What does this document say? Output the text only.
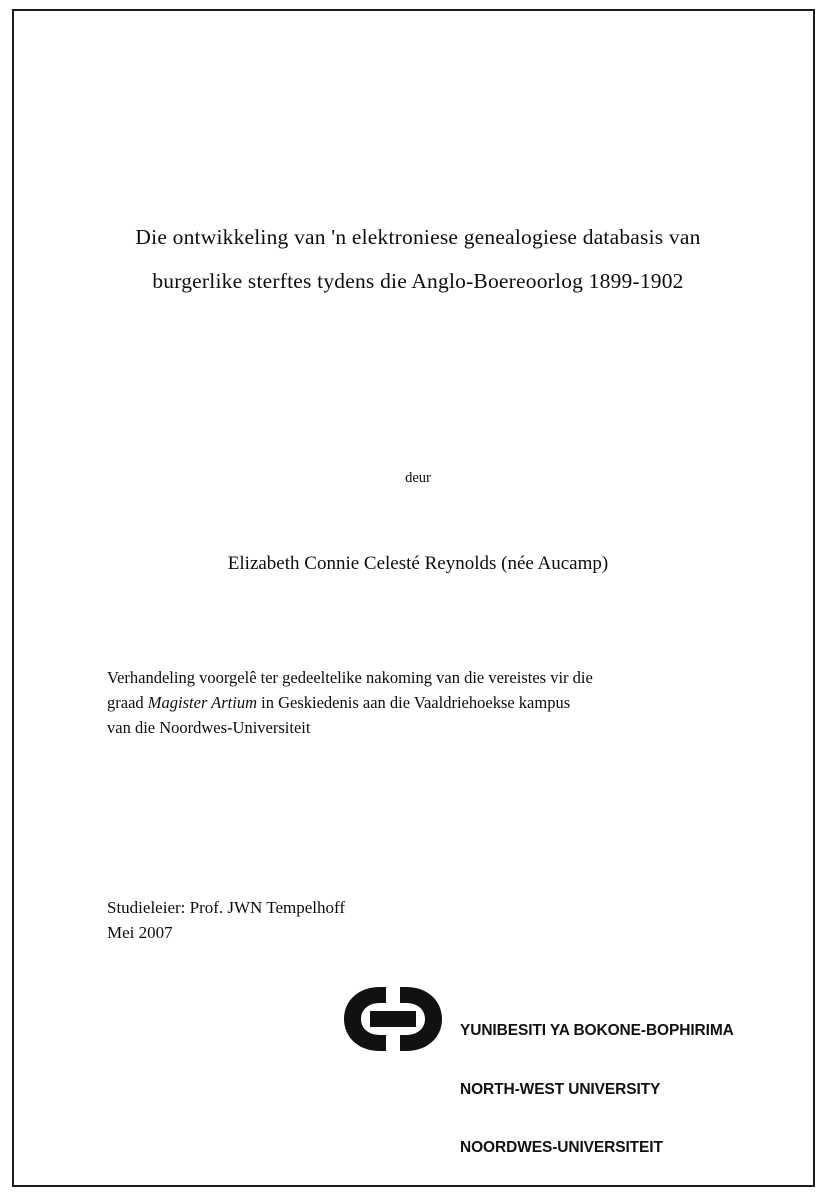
Die ontwikkeling van 'n elektroniese genealogiese databasis van
burgerlike sterftes tydens die Anglo-Boereoorlog 1899-1902
deur
Elizabeth Connie Celesté Reynolds (née Aucamp)

Verhandeling voorgelê ter gedeeltelike nakoming van die vereistes vir die

graad Magister Artium in Geskiedenis aan die Vaaldriehoekse kampus

van die Noordwes-Universiteit

Studieleier: Prof. JWN Tempelhoff
Mei 2007

YUNIBESITI YA BOKONE-BOPHIRIMA

NORTH-WEST UNIVERSITY

NOORDWES-UNIVERSITEIT
